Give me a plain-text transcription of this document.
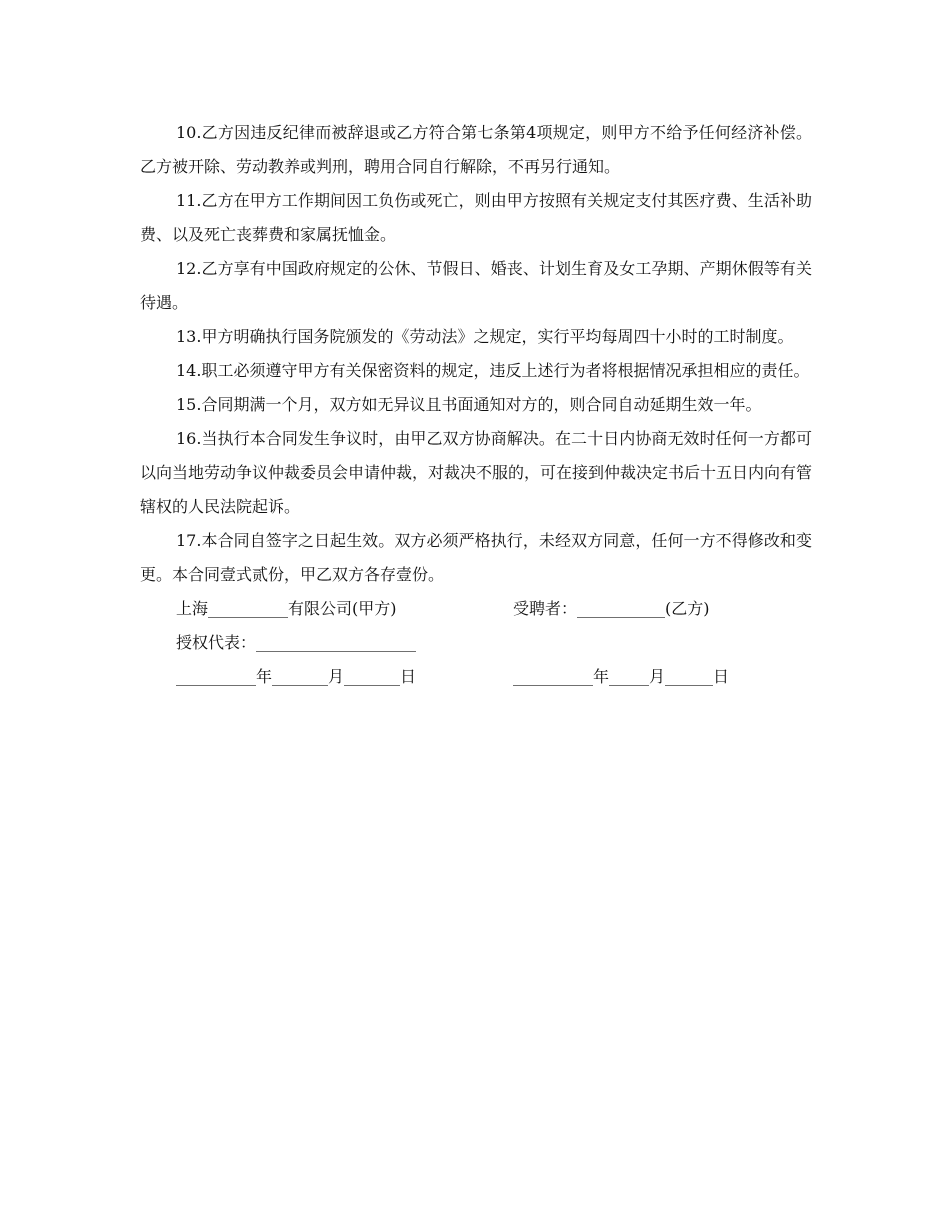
10.乙方因违反纪律而被辞退或乙方符合第七条第4项规定，则甲方不给予任何经济补偿。乙方被开除、劳动教养或判刑，聘用合同自行解除，不再另行通知。

11.乙方在甲方工作期间因工负伤或死亡，则由甲方按照有关规定支付其医疗费、生活补助费、以及死亡丧葬费和家属抚恤金。

12.乙方享有中国政府规定的公休、节假日、婚丧、计划生育及女工孕期、产期休假等有关待遇。

13.甲方明确执行国务院颁发的《劳动法》之规定，实行平均每周四十小时的工时制度。

14.职工必须遵守甲方有关保密资料的规定，违反上述行为者将根据情况承担相应的责任。

15.合同期满一个月，双方如无异议且书面通知对方的，则合同自动延期生效一年。

16.当执行本合同发生争议时，由甲乙双方协商解决。在二十日内协商无效时任何一方都可以向当地劳动争议仲裁委员会申请仲裁，对裁决不服的，可在接到仲裁决定书后十五日内向有管辖权的人民法院起诉。

17.本合同自签字之日起生效。双方必须严格执行，未经双方同意，任何一方不得修改和变更。本合同壹式贰份，甲乙双方各存壹份。

上海__________有限公司(甲方)	受聘者：___________(乙方)
授权代表：____________________
__________年_______月_______日	__________年_____月______日
